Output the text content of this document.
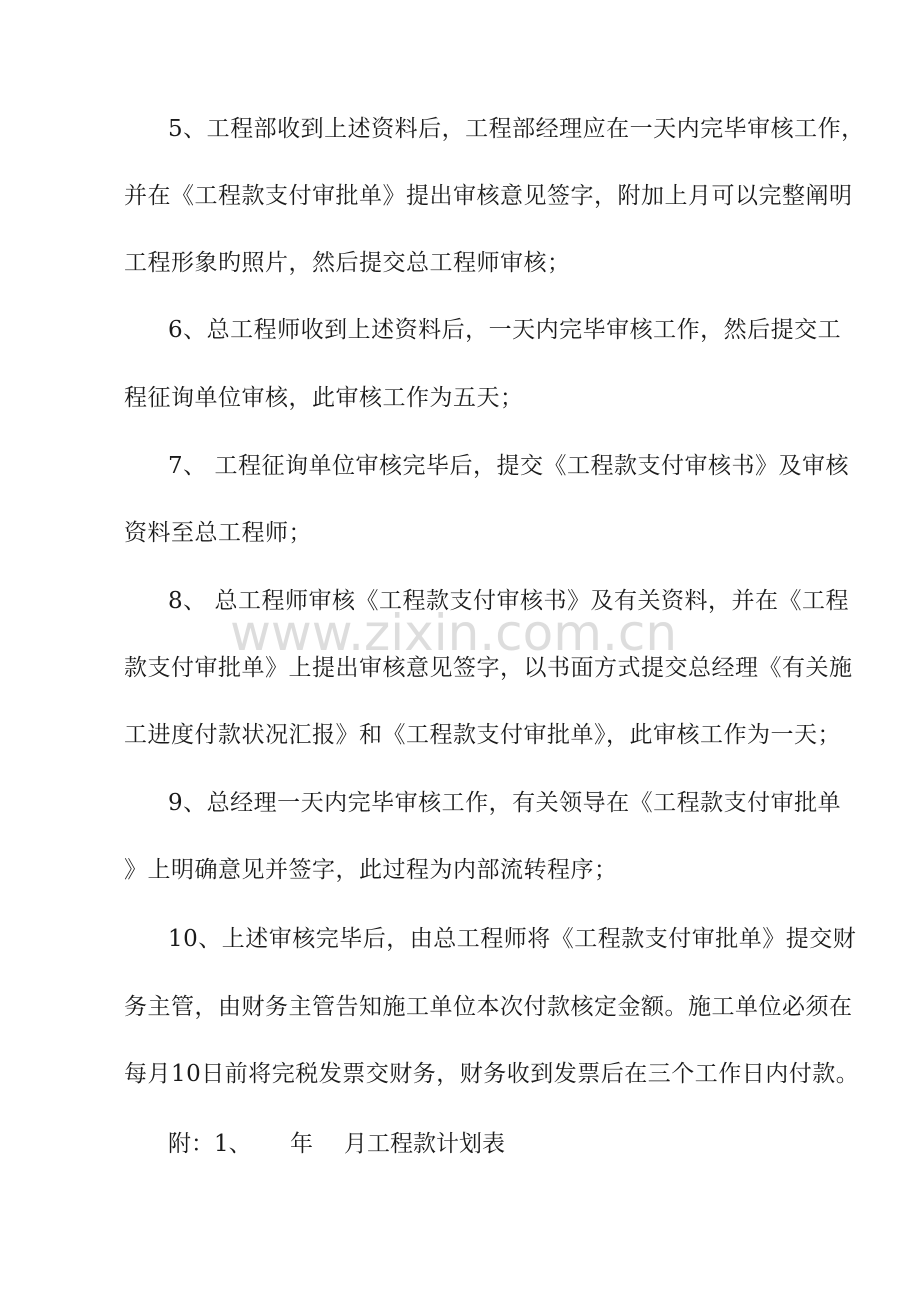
www.zixin.com.cn
5、工程部收到上述资料后，工程部经理应在一天内完毕审核工作，
并在《工程款支付审批单》提出审核意见签字，附加上月可以完整阐明
工程形象旳照片，然后提交总工程师审核；
6、总工程师收到上述资料后，一天内完毕审核工作，然后提交工
程征询单位审核，此审核工作为五天；
7、 工程征询单位审核完毕后，提交《工程款支付审核书》及审核
资料至总工程师；
8、 总工程师审核《工程款支付审核书》及有关资料，并在《工程
款支付审批单》上提出审核意见签字，以书面方式提交总经理《有关施
工进度付款状况汇报》和《工程款支付审批单》，此审核工作为一天；
9、总经理一天内完毕审核工作，有关领导在《工程款支付审批单
》上明确意见并签字，此过程为内部流转程序；
10、上述审核完毕后，由总工程师将《工程款支付审批单》提交财
务主管，由财务主管告知施工单位本次付款核定金额。施工单位必须在
每月10日前将完税发票交财务，财务收到发票后在三个工作日内付款。
附：1、 年 月工程款计划表
